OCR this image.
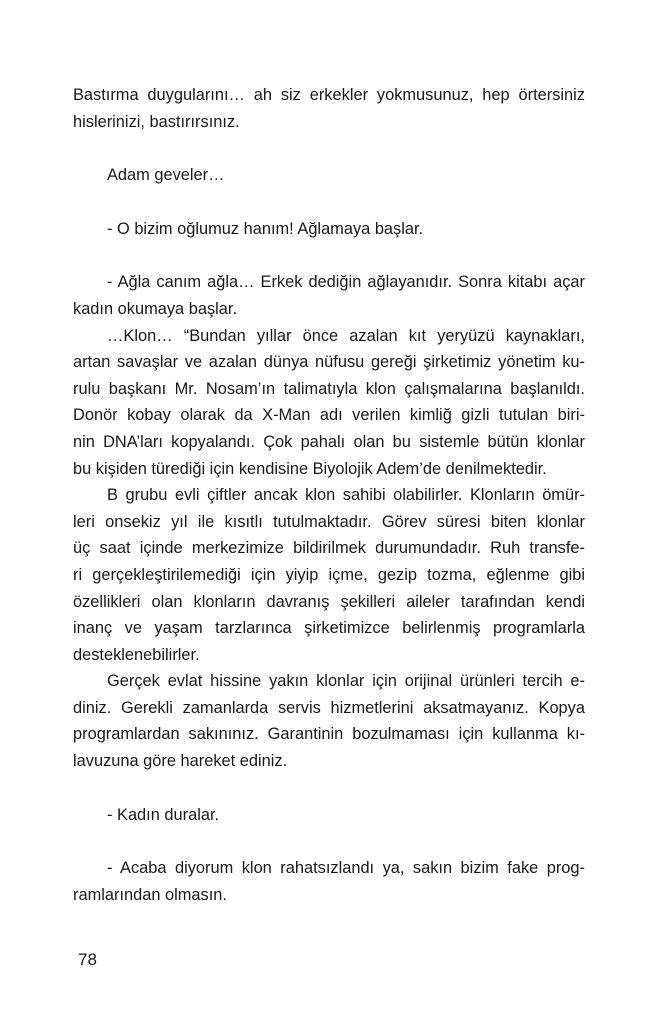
Bastırma duygularını… ah siz erkekler yokmusunuz, hep örtersiniz
hislerinizi, bastırırsınız.
Adam geveler…
- O bizim oğlumuz hanım! Ağlamaya başlar.
- Ağla canım ağla… Erkek dediğin ağlayanıdır. Sonra kitabı açar
kadın okumaya başlar.
…Klon… “Bundan yıllar önce azalan kıt yeryüzü kaynakları,
artan savaşlar ve azalan dünya nüfusu gereği şirketimiz yönetim ku-
rulu başkanı Mr. Nosam’ın talimatıyla klon çalışmalarına başlanıldı.
Donör kobay olarak da X-Man adı verilen kimliğ gizli tutulan biri-
nin DNA’ları kopyalandı. Çok pahalı olan bu sistemle bütün klonlar
bu kişiden türediği için kendisine Biyolojik Adem’de denilmektedir.
B grubu evli çiftler ancak klon sahibi olabilirler. Klonların ömür-
leri onsekiz yıl ile kısıtlı tutulmaktadır. Görev süresi biten klonlar
üç saat içinde merkezimize bildirilmek durumundadır. Ruh transfe-
ri gerçekleştirilemediği için yiyip içme, gezip tozma, eğlenme gibi
özellikleri olan klonların davranış şekilleri aileler tarafından kendi
inanç ve yaşam tarzlarınca şirketimizce belirlenmiş programlarla
desteklenebilirler.
Gerçek evlat hissine yakın klonlar için orijinal ürünleri tercih e-
diniz. Gerekli zamanlarda servis hizmetlerini aksatmayanız. Kopya
programlardan sakınınız. Garantinin bozulmaması için kullanma kı-
lavuzuna göre hareket ediniz.
- Kadın duralar.
- Acaba diyorum klon rahatsızlandı ya, sakın bizim fake prog-
ramlarından olmasın.
78
